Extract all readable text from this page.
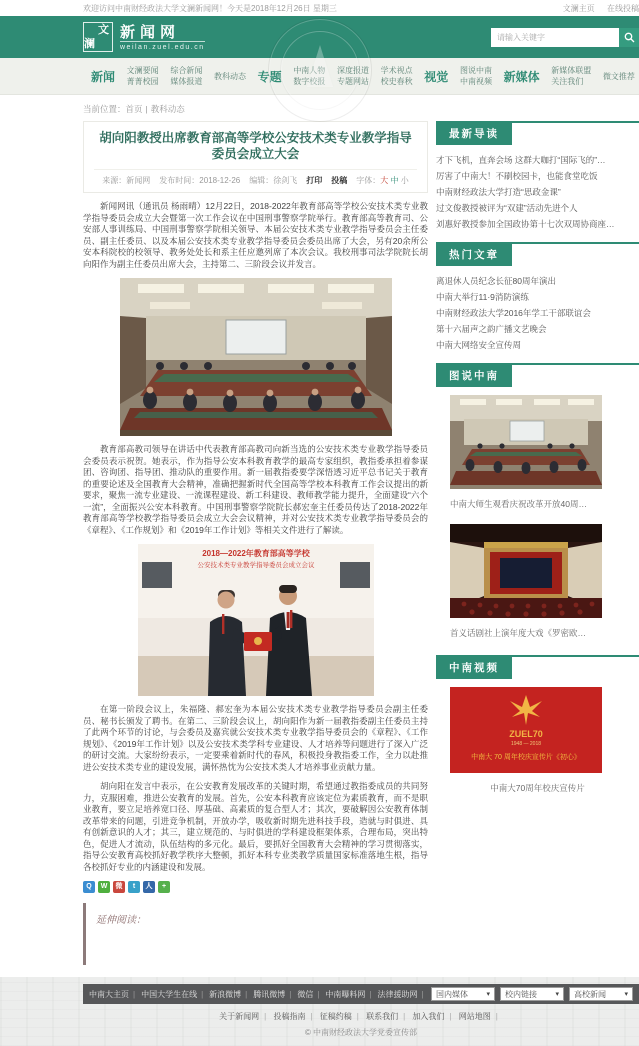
欢迎访问中南财经政法大学文澜新闻网！今天是2018年12月26日 星期三	文澜主页 在线投稿
文
澜
新闻网
weilan.zuel.edu.cn
请输入关键字
新闻 文澜要闻
菁菁校园
综合新闻
媒体报道
教科动态 专题 中南人物
数字校报
深度报道
专题网站
学术视点
校史春秋 视觉 图说中南
中南视频 新媒体 新媒体联盟
关注我们
微文推荐
当前位置：首页 | 教科动态
胡向阳教授出席教育部高等学校公安技术类专业教学指导委员会成立大会
来源：新闻网 发布时间：2018-12-26 编辑：徐剑飞 打印 投稿 字体：大 中 小

新闻网讯（通讯员 杨雨晴）12月22日，2018-2022年教育部高等学校公安技术类专业教学指导委员会成立大会暨第一次工作会议在中国刑事警察学院举行。教育部高等教育司、公安部人事训练局、中国刑事警察学院相关领导、本届公安技术类专业教学指导委员会主任委员、副主任委员、以及本届公安技术类专业教学指导委员会委员出席了大会，另有20余所公安本科院校的校领导、教务处处长和系主任应邀列席了本次会议。我校刑事司法学院院长胡向阳作为副主任委员出席大会，主持第二、三阶段会议并发言。

教育部高教司领导在讲话中代表教育部高教司向新当选的公安技术类专业教学指导委员会委员表示祝贺。她表示，作为指导公安本科教育教学的最高专家组织，教指委承担着参谋团、咨询团、指导团、推动队的重要作用。新一届教指委要学深悟透习近平总书记关于教育的重要论述及全国教育大会精神，准确把握新时代全国高等学校本科教育工作会议提出的新要求，聚焦一流专业建设、一流课程建设、新工科建设、教师教学能力提升，全面建设“六个一流”，全面振兴公安本科教育。中国刑事警察学院院长郝宏奎主任委员传达了2018-2022年教育部高等学校教学指导委员会成立大会会议精神，并对公安技术类专业教学指导委员会的《章程》、《工作规划》和《2019年工作计划》等相关文件进行了解读。

2018—2022年教育部高等学校
公安技术类专业教学指导委员会成立会议

在第一阶段会议上，朱福隆、郝宏奎为本届公安技术类专业教学指导委员会副主任委员、秘书长颁发了聘书。在第二、三阶段会议上，胡向阳作为新一届教指委副主任委员主持了此两个环节的讨论，与会委员及嘉宾就公安技术类专业教学指导委员会的《章程》、《工作规划》、《2019年工作计划》以及公安技术类学科专业建设、人才培养等问题进行了深入广泛的研讨交流。大家纷纷表示，一定要乘着新时代的春风，积极投身教指委工作，全力以赴推进公安技术类专业的建设发展，满怀热忱为公安技术类人才培养事业贡献力量。

胡向阳在发言中表示，在公安教育发展改革的关键时期，希望通过教指委成员的共同努力，克服困难，推进公安教育的发展。首先，公安本科教育应该定位为素质教育，而不是职业教育，要立足培养宽口径、厚基础、高素质的复合型人才；其次，要破解因公安教育体制改革带来的问题，引进竞争机制，开放办学，吸收新时期先进科技手段，造就与时俱进、具有创新意识的人才；其三，建立规范的、与时俱进的学科建设框架体系，合理布局，突出特色，促进人才流动，队伍结构的多元化。最后，要抓好全国教育大会精神的学习贯彻落实，指导公安教育高校抓好教学秩序大整顿，抓好本科专业类教学质量国家标准落地生根，指导各校抓好专业的内涵建设和发展。

Q	W	微	t	人	+
延伸阅读：
最新导读
才下飞机，直奔会场 这群大咖打“国际飞的”…
厉害了中南大！不刷校园卡，也能食堂吃饭
中南财经政法大学打造“思政金课”
过文俊教授被评为“双建”活动先进个人
刘惠好教授参加全国政协第十七次双周协商座…
热门文章
离退休人员纪念长征80周年演出
中南大举行11·9消防演练
中南财经政法大学2016年学工干部联谊会
第十六届声之韵广播文艺晚会
中南大网络安全宣传周
图说中南
中南大师生观看庆祝改革开放40周…
首义话剧社上演年度大戏《罗密欧…
中南视频
ZUEL70
1948 — 2018
中南大 70 周年校庆宣传片《初心》
中南大70周年校庆宣传片
中南大主页 |	中国大学生在线 |	新浪微博 |	腾讯微博 |	微信 |	中南曝料网 |	法律援助网 |	国内媒体	▾ 校内链接	▾ 高校新闻	▾
关于新闻网 | 投稿指南 | 征稿约稿 | 联系我们 | 加入我们 | 网站地图 |
© 中南财经政法大学党委宣传部
